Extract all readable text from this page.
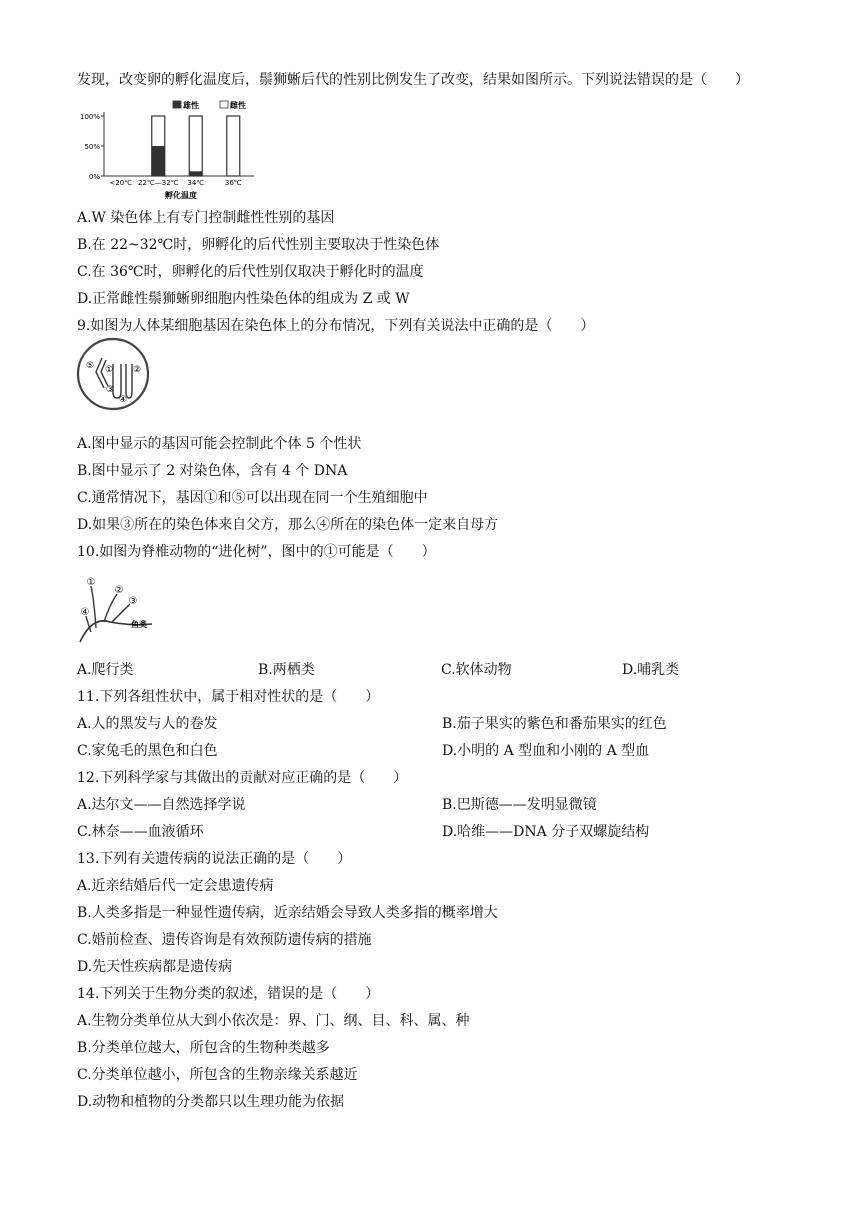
发现，改变卵的孵化温度后，鬃狮蜥后代的性别比例发生了改变，结果如图所示。下列说法错误的是（　　）
0%
50%
100%
<20℃ 22℃—32℃ 34℃	36℃
雄性	雌性
孵化温度
A.W 染色体上有专门控制雌性性别的基因
B.在 22~32℃时，卵孵化的后代性别主要取决于性染色体
C.在 36℃时，卵孵化的后代性别仅取决于孵化时的温度
D.正常雌性鬃狮蜥卵细胞内性染色体的组成为 Z 或 W
9.如图为人体某细胞基因在染色体上的分布情况，下列有关说法中正确的是（　　）
⑤ ① ②
③
④
A.图中显示的基因可能会控制此个体 5 个性状
B.图中显示了 2 对染色体，含有 4 个 DNA
C.通常情况下，基因①和⑤可以出现在同一个生殖细胞中
D.如果③所在的染色体来自父方，那么④所在的染色体一定来自母方
10.如图为脊椎动物的“进化树”，图中的①可能是（　　）
①
②
③
④
鱼类
A.爬行类	B.两栖类	C.软体动物	D.哺乳类
11.下列各组性状中，属于相对性状的是（　　）
A.人的黑发与人的卷发	B.茄子果实的紫色和番茄果实的红色
C.家兔毛的黑色和白色	D.小明的 A 型血和小刚的 A 型血
12.下列科学家与其做出的贡献对应正确的是（　　）
A.达尔文——自然选择学说	B.巴斯德——发明显微镜
C.林奈——血液循环	D.哈维——DNA 分子双螺旋结构
13.下列有关遗传病的说法正确的是（　　）
A.近亲结婚后代一定会患遗传病
B.人类多指是一种显性遗传病，近亲结婚会导致人类多指的概率增大
C.婚前检查、遗传咨询是有效预防遗传病的措施
D.先天性疾病都是遗传病
14.下列关于生物分类的叙述，错误的是（　　）
A.生物分类单位从大到小依次是：界、门、纲、目、科、属、种
B.分类单位越大，所包含的生物种类越多
C.分类单位越小，所包含的生物亲缘关系越近
D.动物和植物的分类都只以生理功能为依据
